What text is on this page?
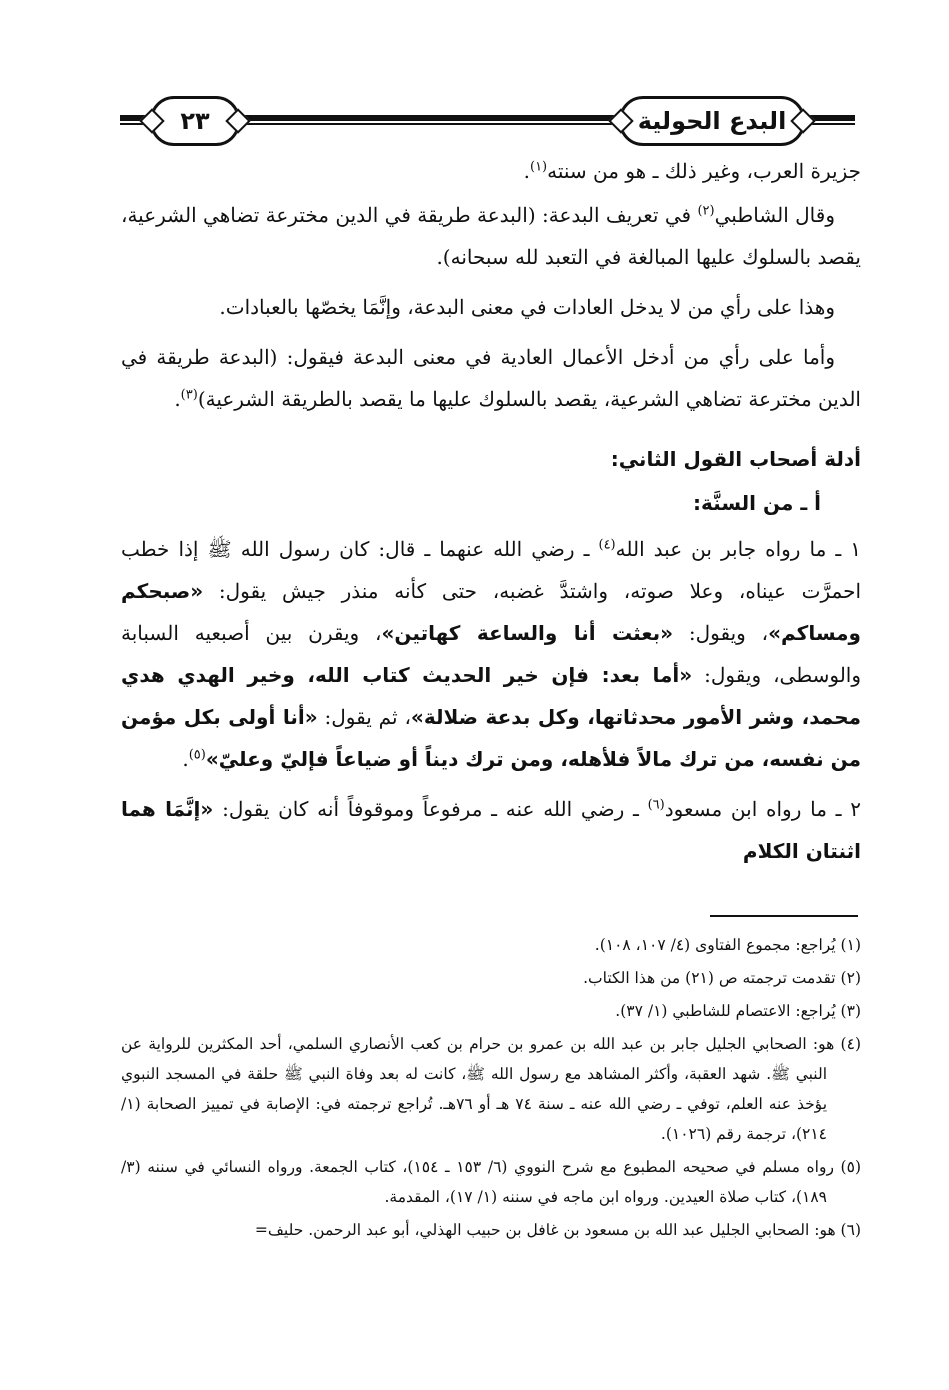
البدع الحولية
٢٣

جزيرة العرب، وغير ذلك ـ هو من سنته$^{(١)}$.

وقال الشاطبي$^{(٢)}$ في تعريف البدعة: (البدعة طريقة في الدين مخترعة تضاهي الشرعية، يقصد بالسلوك عليها المبالغة في التعبد لله سبحانه).

وهذا على رأي من لا يدخل العادات في معنى البدعة، وإنَّمَا يخصّها بالعبادات.

وأما على رأي من أدخل الأعمال العادية في معنى البدعة فيقول: (البدعة طريقة في الدين مخترعة تضاهي الشرعية، يقصد بالسلوك عليها ما يقصد بالطريقة الشرعية)$^{(٣)}$.

أدلة أصحاب القول الثاني:
أ ـ من السنَّة:

١ ـ ما رواه جابر بن عبد الله$^{(٤)}$ ـ رضي الله عنهما ـ قال: كان رسول الله ﷺ إذا خطب احمرَّت عيناه، وعلا صوته، واشتدَّ غضبه، حتى كأنه منذر جيش يقول: «صبحكم ومساكم»، ويقول: «بعثت أنا والساعة كهاتين»، ويقرن بين أصبعيه السبابة والوسطى، ويقول: «أما بعد: فإن خير الحديث كتاب الله، وخير الهدي هدي محمد، وشر الأمور محدثاتها، وكل بدعة ضلالة»، ثم يقول: «أنا أولى بكل مؤمن من نفسه، من ترك مالاً فلأهله، ومن ترك ديناً أو ضياعاً فإليّ وعليّ»$^{(٥)}$.

٢ ـ ما رواه ابن مسعود$^{(٦)}$ ـ رضي الله عنه ـ مرفوعاً وموقوفاً أنه كان يقول: «إنَّمَا هما اثنتان الكلام

(١) يُراجع: مجموع الفتاوى (٤/ ١٠٧، ١٠٨).

(٢) تقدمت ترجمته ص (٢١) من هذا الكتاب.

(٣) يُراجع: الاعتصام للشاطبي (١/ ٣٧).

(٤) هو: الصحابي الجليل جابر بن عبد الله بن عمرو بن حرام بن كعب الأنصاري السلمي، أحد المكثرين للرواية عن النبي ﷺ. شهد العقبة، وأكثر المشاهد مع رسول الله ﷺ، كانت له بعد وفاة النبي ﷺ حلقة في المسجد النبوي يؤخذ عنه العلم، توفي ـ رضي الله عنه ـ سنة ٧٤ هـ أو ٧٦هـ. تُراجع ترجمته في: الإصابة في تمييز الصحابة (١/ ٢١٤)، ترجمة رقم (١٠٢٦).

(٥) رواه مسلم في صحيحه المطبوع مع شرح النووي (٦/ ١٥٣ ـ ١٥٤)، كتاب الجمعة. ورواه النسائي في سننه (٣/ ١٨٩)، كتاب صلاة العيدين. ورواه ابن ماجه في سننه (١/ ١٧)، المقدمة.

(٦) هو: الصحابي الجليل عبد الله بن مسعود بن غافل بن حبيب الهذلي، أبو عبد الرحمن. حليف=
